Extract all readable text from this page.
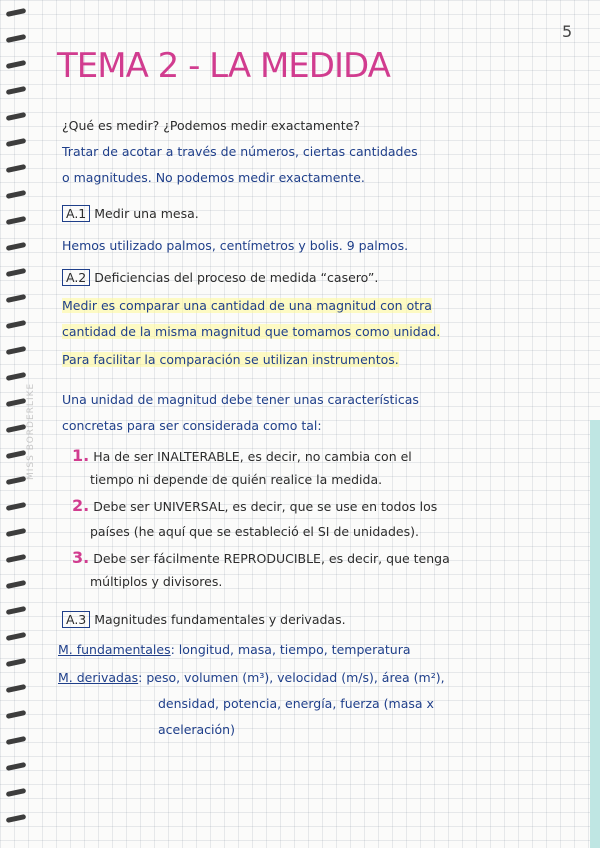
5
MISS BORDERLIKE
TEMA 2 - LA MEDIDA
¿Qué es medir? ¿Podemos medir exactamente?
Tratar de acotar a través de números, ciertas cantidades
o magnitudes. No podemos medir exactamente.
A.1 Medir una mesa.
Hemos utilizado palmos, centímetros y bolis. 9 palmos.
A.2 Deficiencias del proceso de medida “casero”.
Medir es comparar una cantidad de una magnitud con otra
cantidad de la misma magnitud que tomamos como unidad.
Para facilitar la comparación se utilizan instrumentos.
Una unidad de magnitud debe tener unas características
concretas para ser considerada como tal:
1. Ha de ser INALTERABLE, es decir, no cambia con el
tiempo ni depende de quién realice la medida.
2. Debe ser UNIVERSAL, es decir, que se use en todos los
países (he aquí que se estableció el SI de unidades).
3. Debe ser fácilmente REPRODUCIBLE, es decir, que tenga
múltiplos y divisores.
A.3 Magnitudes fundamentales y derivadas.
M. fundamentales: longitud, masa, tiempo, temperatura
M. derivadas: peso, volumen (m³), velocidad (m/s), área (m²),
densidad, potencia, energía, fuerza (masa x
aceleración)
